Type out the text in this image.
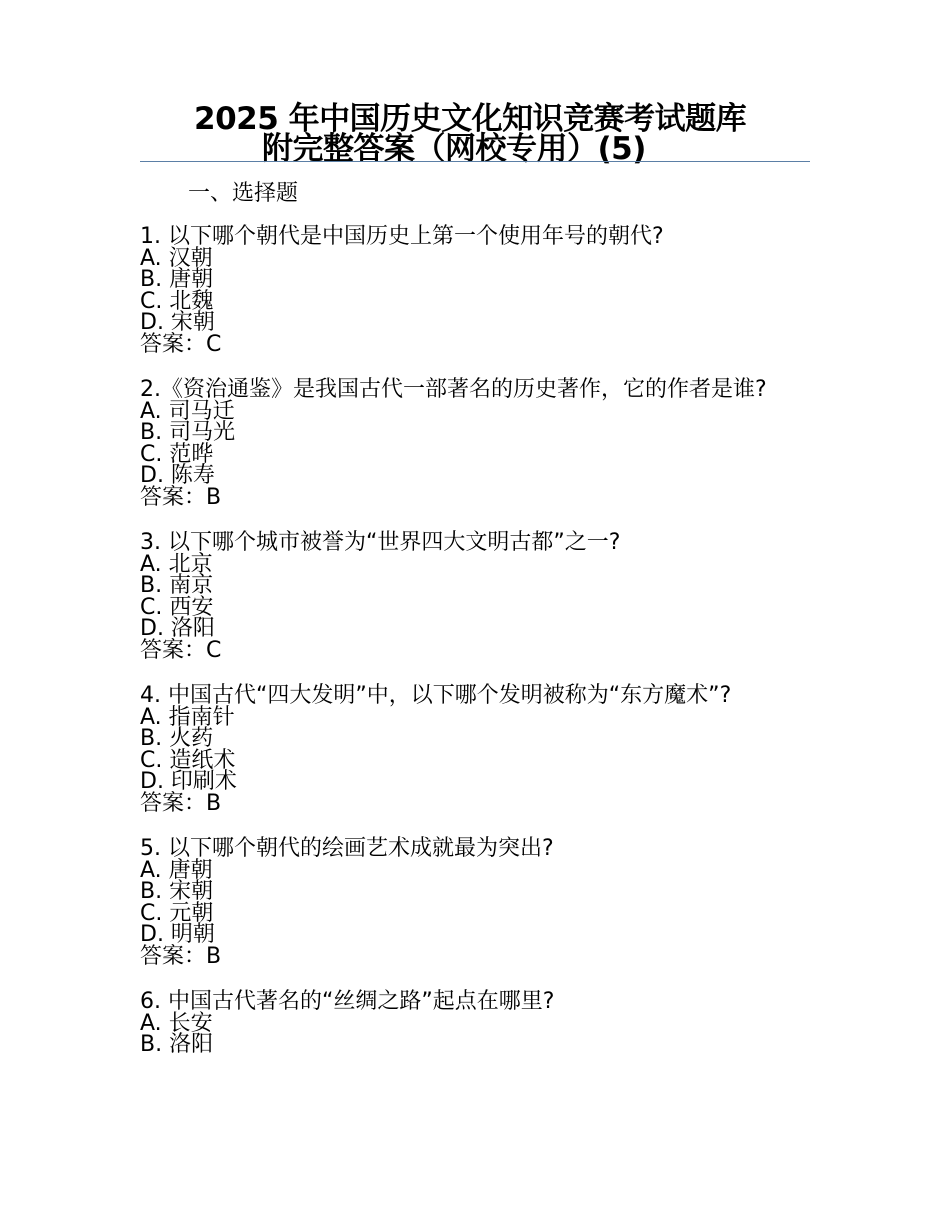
2025 年中国历史文化知识竞赛考试题库
附完整答案（网校专用）(5)
一、选择题
1. 以下哪个朝代是中国历史上第一个使用年号的朝代?
A. 汉朝
B. 唐朝
C. 北魏
D. 宋朝
答案：C
2.《资治通鉴》是我国古代一部著名的历史著作，它的作者是谁?
A. 司马迁
B. 司马光
C. 范晔
D. 陈寿
答案：B
3. 以下哪个城市被誉为“世界四大文明古都”之一?
A. 北京
B. 南京
C. 西安
D. 洛阳
答案：C
4. 中国古代“四大发明”中，以下哪个发明被称为“东方魔术”?
A. 指南针
B. 火药
C. 造纸术
D. 印刷术
答案：B
5. 以下哪个朝代的绘画艺术成就最为突出?
A. 唐朝
B. 宋朝
C. 元朝
D. 明朝
答案：B
6. 中国古代著名的“丝绸之路”起点在哪里?
A. 长安
B. 洛阳
